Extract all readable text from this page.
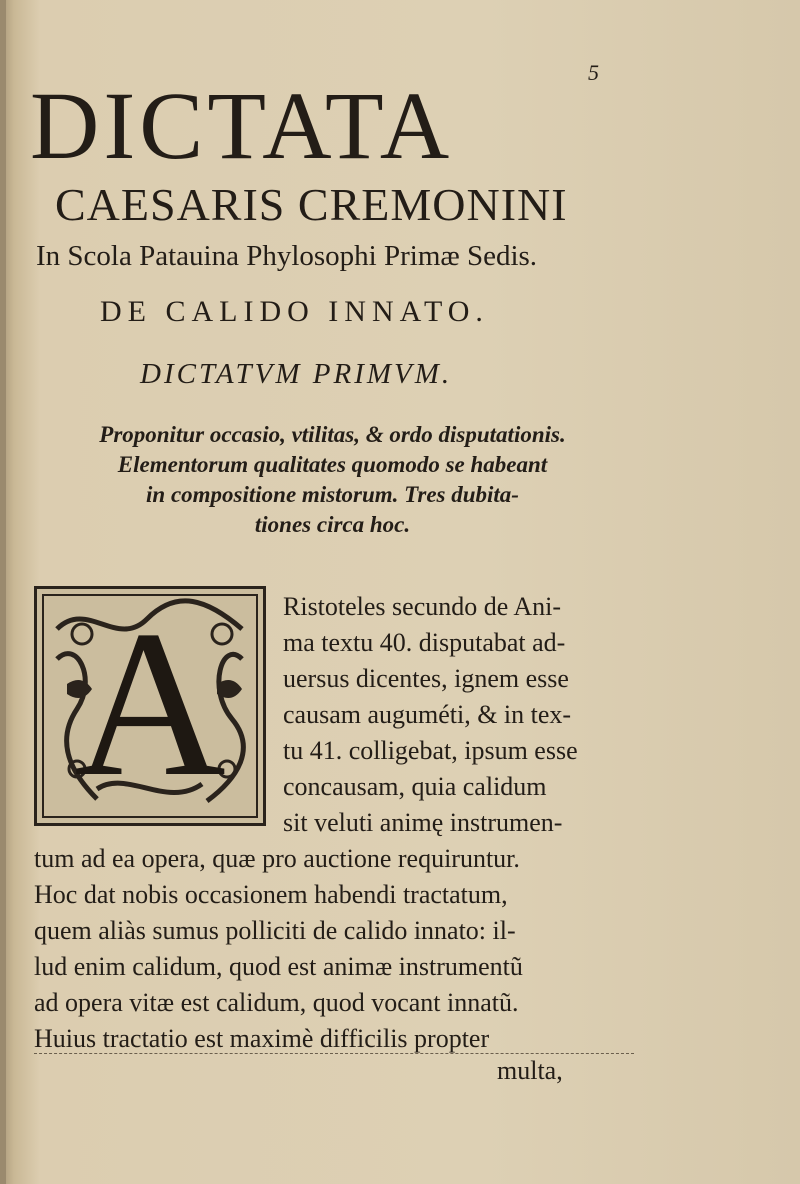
5
DICTATA
CAESARIS CREMONINI
In Scola Patauina Phylosophi Primæ Sedis.
DE CALIDO INNATO.
DICTATVM PRIMVM.
Proponitur occasio, vtilitas, & ordo disputationis.
Elementorum qualitates quomodo se habeant
in compositione mistorum. Tres dubita-
tiones circa hoc.
A	Ristoteles secundo de Ani-
ma textu 40. disputabat ad-
uersus dicentes, ignem esse
causam auguméti, & in tex-
tu 41. colligebat, ipsum esse
concausam, quia calidum
sit veluti animę instrumen-
tum ad ea opera, quæ pro auctione requiruntur.
Hoc dat nobis occasionem habendi tractatum,
quem aliàs sumus polliciti de calido innato: il-
lud enim calidum, quod est animæ instrumentũ
ad opera vitæ est calidum, quod vocant innatũ.
Huius tractatio est maximè difficilis propter
multa,
